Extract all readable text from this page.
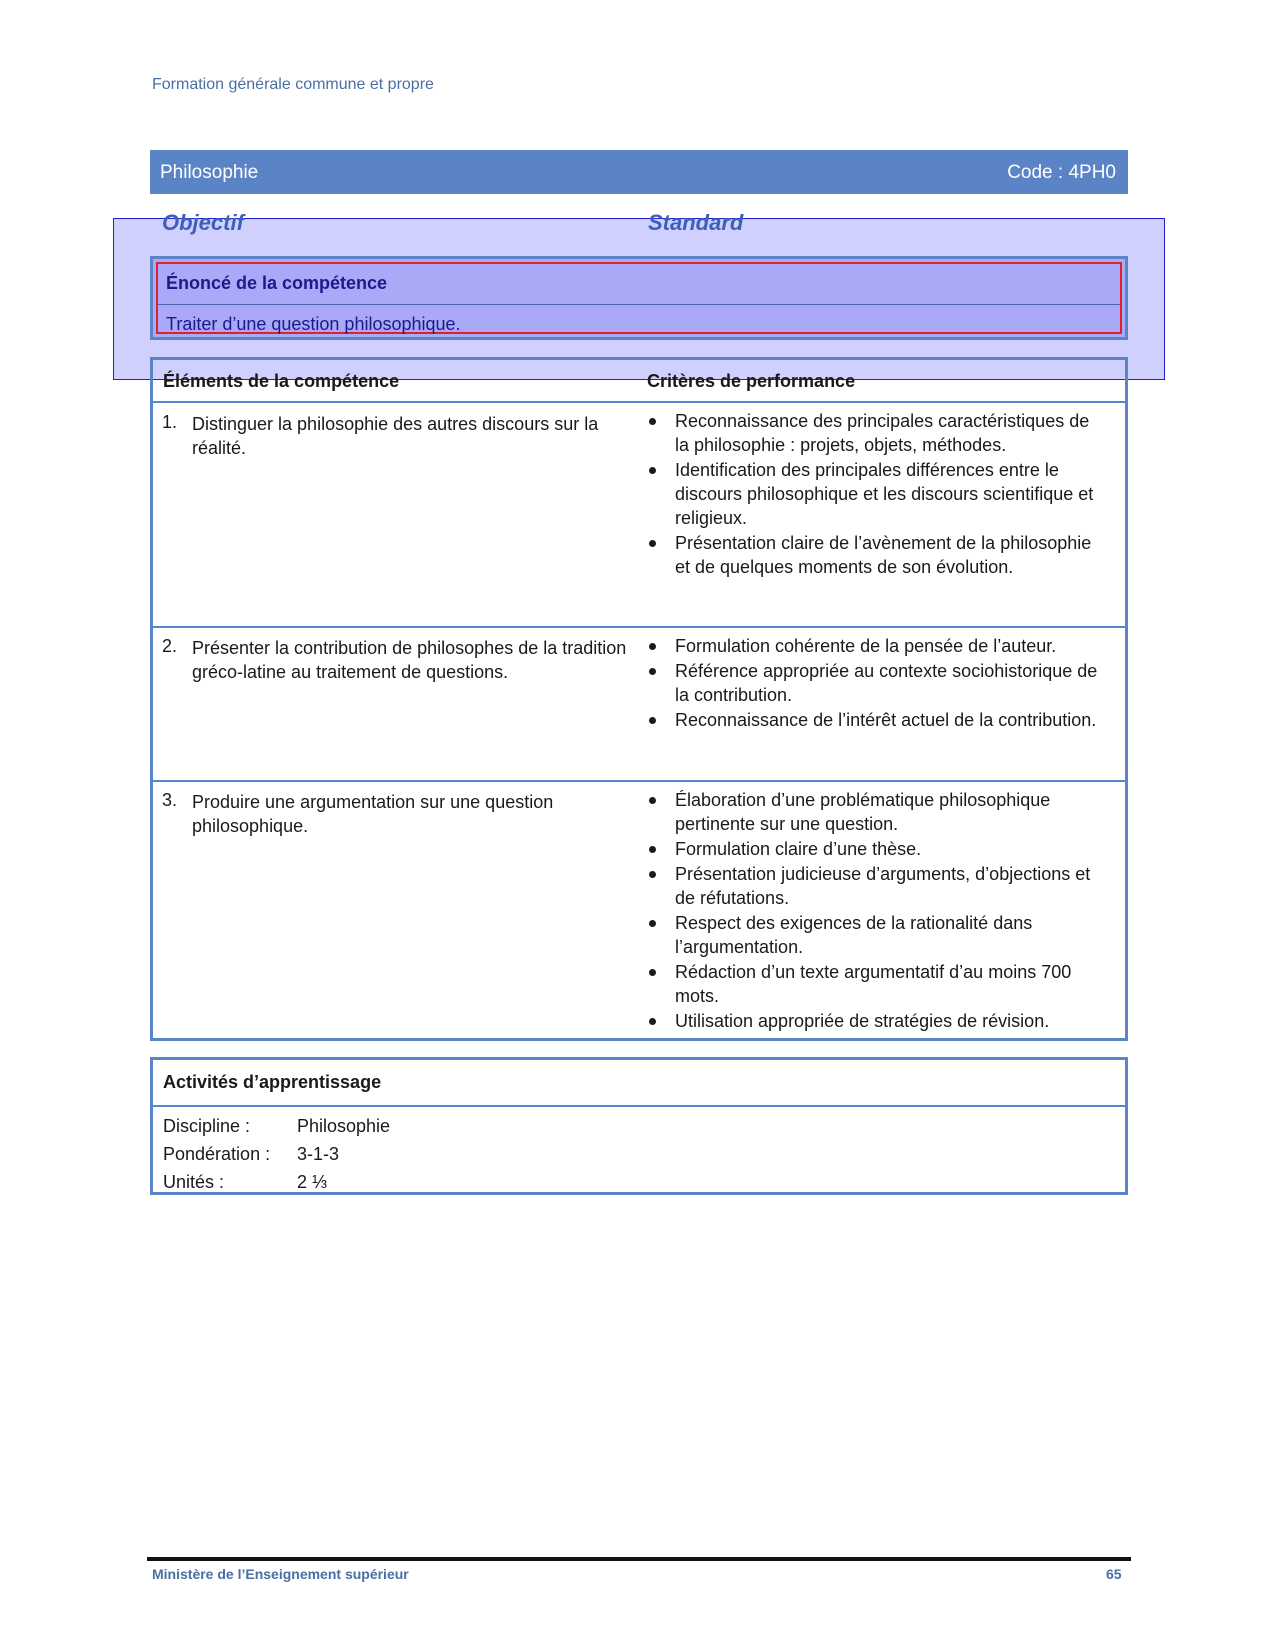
Formation générale commune et propre
Philosophie	Code : 4PH0
Objectif	Standard
Énoncé de la compétence
Traiter d’une question philosophique.
Éléments de la compétence	Critères de performance
1. Distinguer la philosophie des autres discours sur la réalité.
Reconnaissance des principales caractéristiques de la philosophie : projets, objets, méthodes.
Identification des principales différences entre le discours philosophique et les discours scientifique et religieux.
Présentation claire de l’avènement de la philosophie et de quelques moments de son évolution.
2. Présenter la contribution de philosophes de la tradition gréco-latine au traitement de questions.
Formulation cohérente de la pensée de l’auteur.
Référence appropriée au contexte sociohistorique de la contribution.
Reconnaissance de l’intérêt actuel de la contribution.
3. Produire une argumentation sur une question philosophique.
Élaboration d’une problématique philosophique pertinente sur une question.
Formulation claire d’une thèse.
Présentation judicieuse d’arguments, d’objections et de réfutations.
Respect des exigences de la rationalité dans l’argumentation.
Rédaction d’un texte argumentatif d’au moins 700 mots.
Utilisation appropriée de stratégies de révision.
Activités d’apprentissage
Discipline :	Philosophie
Pondération : 3-1-3
Unités :	2 ⅓
Ministère de l’Enseignement supérieur	65
